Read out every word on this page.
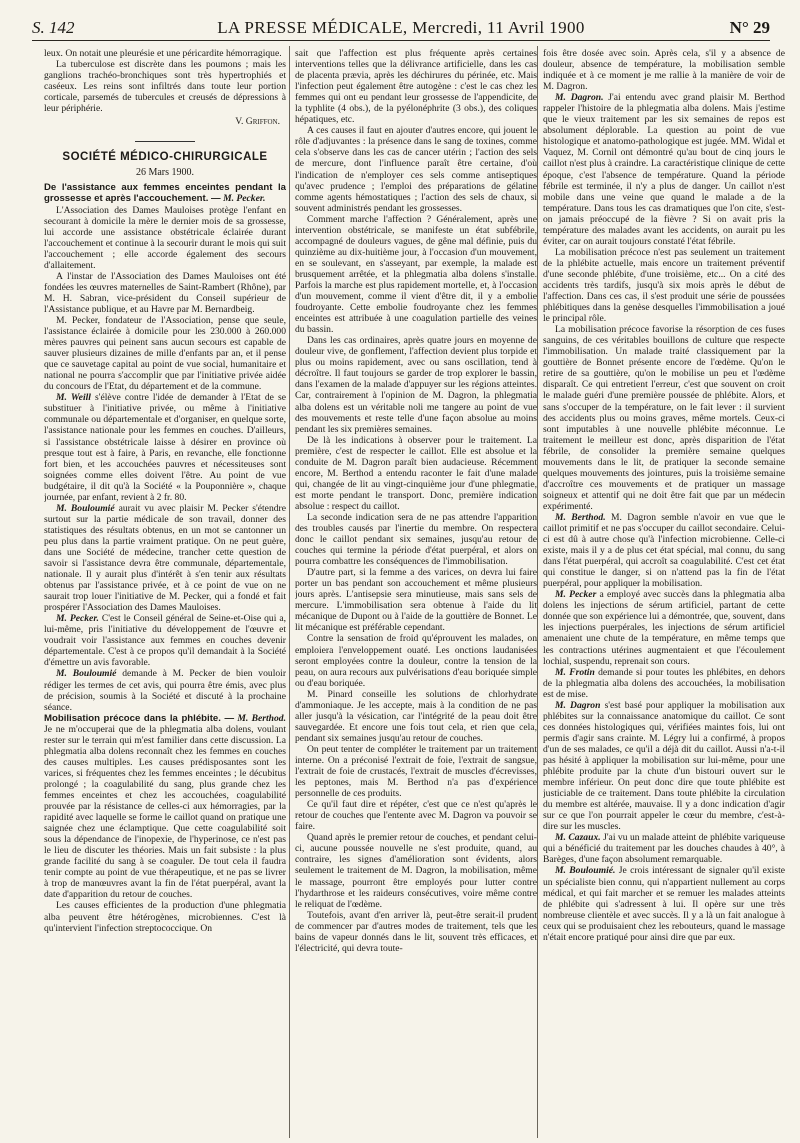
S. 142	LA PRESSE MÉDICALE, Mercredi, 11 Avril 1900	N° 29

leux. On notait une pleurésie et une péricardite hémorragique.

La tuberculose est discrète dans les poumons ; mais les ganglions trachéo-bronchiques sont très hypertrophiés et caséeux. Les reins sont infiltrés dans toute leur portion corticale, parsemés de tubercules et creusés de dépressions à leur périphérie.

V. Griffon.

SOCIÉTÉ MÉDICO-CHIRURGICALE
26 Mars 1900.

De l'assistance aux femmes enceintes pendant la grossesse et après l'accouchement. — M. Pecker.

L'Association des Dames Mauloises protège l'enfant en secourant à domicile la mère le dernier mois de sa grossesse, lui accorde une assistance obstétricale éclairée durant l'accouchement et continue à la secourir durant le mois qui suit l'accouchement ; elle accorde également des secours d'allaitement.

A l'instar de l'Association des Dames Mauloises ont été fondées les œuvres maternelles de Saint-Rambert (Rhône), par M. H. Sabran, vice-président du Conseil supérieur de l'Assistance publique, et au Havre par M. Bernardbeig.

M. Pecker, fondateur de l'Association, pense que seule, l'assistance éclairée à domicile pour les 230.000 à 260.000 mères pauvres qui peinent sans aucun secours est capable de sauver plusieurs dizaines de mille d'enfants par an, et il pense que ce sauvetage capital au point de vue social, humanitaire et national ne pourra s'accomplir que par l'initiative privée aidée du concours de l'Etat, du département et de la commune.

M. Weill s'élève contre l'idée de demander à l'Etat de se substituer à l'initiative privée, ou même à l'initiative communale ou départementale et d'organiser, en quelque sorte, l'assistance nationale pour les femmes en couches. D'ailleurs, si l'assistance obstétricale laisse à désirer en province où presque tout est à faire, à Paris, en revanche, elle fonctionne fort bien, et les accouchées pauvres et nécessiteuses sont soignées comme elles doivent l'être. Au point de vue budgétaire, il dit qu'à la Société « la Pouponnière », chaque journée, par enfant, revient à 2 fr. 80.

M. Bouloumié aurait vu avec plaisir M. Pecker s'étendre surtout sur la partie médicale de son travail, donner des statistiques des résultats obtenus, en un mot se cantonner un peu plus dans la partie vraiment pratique. On ne peut guère, dans une Société de médecine, trancher cette question de savoir si l'assistance devra être communale, départementale, nationale. Il y aurait plus d'intérêt à s'en tenir aux résultats obtenus par l'assistance privée, et à ce point de vue on ne saurait trop louer l'initiative de M. Pecker, qui a fondé et fait prospérer l'Association des Dames Mauloises.

M. Pecker. C'est le Conseil général de Seine-et-Oise qui a, lui-même, pris l'initiative du développement de l'œuvre et voudrait voir l'assistance aux femmes en couches devenir départementale. C'est à ce propos qu'il demandait à la Société d'émettre un avis favorable.

M. Bouloumié demande à M. Pecker de bien vouloir rédiger les termes de cet avis, qui pourra être émis, avec plus de précision, soumis à la Société et discuté à la prochaine séance.

Mobilisation précoce dans la phlébite. — M. Berthod. Je ne m'occuperai que de la phlegmatia alba dolens, voulant rester sur le terrain qui m'est familier dans cette discussion. La phlegmatia alba dolens reconnaît chez les femmes en couches des causes multiples. Les causes prédisposantes sont les varices, si fréquentes chez les femmes enceintes ; le décubitus prolongé ; la coagulabilité du sang, plus grande chez les femmes enceintes et chez les accouchées, coagulabilité prouvée par la résistance de celles-ci aux hémorragies, par la rapidité avec laquelle se forme le caillot quand on pratique une saignée chez une éclamptique. Que cette coagulabilité soit sous la dépendance de l'inopexie, de l'hyperinose, ce n'est pas le lieu de discuter les théories. Mais un fait subsiste : la plus grande facilité du sang à se coaguler. De tout cela il faudra tenir compte au point de vue thérapeutique, et ne pas se livrer à trop de manœuvres avant la fin de l'état puerpéral, avant la date d'apparition du retour de couches.

Les causes efficientes de la production d'une phlegmatia alba peuvent être hétérogènes, microbiennes. C'est là qu'intervient l'infection streptococcique. On

sait que l'affection est plus fréquente après certaines interventions telles que la délivrance artificielle, dans les cas de placenta prævia, après les déchirures du périnée, etc. Mais l'infection peut également être autogène : c'est le cas chez les femmes qui ont eu pendant leur grossesse de l'appendicite, de la typhlite (4 obs.), de la pyélonéphrite (3 obs.), des coliques hépatiques, etc.

A ces causes il faut en ajouter d'autres encore, qui jouent le rôle d'adjuvantes : la présence dans le sang de toxines, comme cela s'observe dans les cas de cancer utérin ; l'action des sels de mercure, dont l'influence paraît être certaine, d'où l'indication de n'employer ces sels comme antiseptiques qu'avec prudence ; l'emploi des préparations de gélatine comme agents hémostatiques ; l'action des sels de chaux, si souvent administrés pendant les grossesses.

Comment marche l'affection ? Généralement, après une intervention obstétricale, se manifeste un état subfébrile, accompagné de douleurs vagues, de gêne mal définie, puis du quinzième au dix-huitième jour, à l'occasion d'un mouvement, en se soulevant, en s'asseyant, par exemple, la malade est brusquement arrêtée, et la phlegmatia alba dolens s'installe. Parfois la marche est plus rapidement mortelle, et, à l'occasion d'un mouvement, comme il vient d'être dit, il y a embolie foudroyante. Cette embolie foudroyante chez les femmes enceintes est attribuée à une coagulation partielle des veines du bassin.

Dans les cas ordinaires, après quatre jours en moyenne de douleur vive, de gonflement, l'affection devient plus torpide et plus ou moins rapidement, avec ou sans oscillation, tend à décroître. Il faut toujours se garder de trop explorer le bassin, dans l'examen de la malade d'appuyer sur les régions atteintes. Car, contrairement à l'opinion de M. Dagron, la phlegmatia alba dolens est un véritable noli me tangere au point de vue des mouvements et reste telle d'une façon absolue au moins pendant les six premières semaines.

De là les indications à observer pour le traitement. La première, c'est de respecter le caillot. Elle est absolue et la conduite de M. Dagron paraît bien audacieuse. Récemment encore, M. Berthod a entendu raconter le fait d'une malade qui, changée de lit au vingt-cinquième jour d'une phlegmatie, est morte pendant le transport. Donc, première indication absolue : respect du caillot.

La seconde indication sera de ne pas attendre l'apparition des troubles causés par l'inertie du membre. On respectera donc le caillot pendant six semaines, jusqu'au retour de couches qui termine la période d'état puerpéral, et alors on pourra combattre les conséquences de l'immobilisation.

D'autre part, si la femme a des varices, on devra lui faire porter un bas pendant son accouchement et même plusieurs jours après. L'antisepsie sera minutieuse, mais sans sels de mercure. L'immobilisation sera obtenue à l'aide du lit mécanique de Dupont ou à l'aide de la gouttière de Bonnet. Le lit mécanique est préférable cependant.

Contre la sensation de froid qu'éprouvent les malades, on emploiera l'enveloppement ouaté. Les onctions laudanisées seront employées contre la douleur, contre la tension de la peau, on aura recours aux pulvérisations d'eau boriquée simple ou d'eau boriquée.

M. Pinard conseille les solutions de chlorhydrate d'ammoniaque. Je les accepte, mais à la condition de ne pas aller jusqu'à la vésication, car l'intégrité de la peau doit être sauvegardée. Et encore une fois tout cela, et rien que cela, pendant six semaines jusqu'au retour de couches.

On peut tenter de compléter le traitement par un traitement interne. On a préconisé l'extrait de foie, l'extrait de sangsue, l'extrait de foie de crustacés, l'extrait de muscles d'écrevisses, les peptones, mais M. Berthod n'a pas d'expérience personnelle de ces produits.

Ce qu'il faut dire et répéter, c'est que ce n'est qu'après le retour de couches que l'entente avec M. Dagron va pouvoir se faire.

Quand après le premier retour de couches, et pendant celui-ci, aucune poussée nouvelle ne s'est produite, quand, au contraire, les signes d'amélioration sont évidents, alors seulement le traitement de M. Dagron, la mobilisation, même le massage, pourront être employés pour lutter contre l'hydarthrose et les raideurs consécutives, voire même contre le reliquat de l'œdème.

Toutefois, avant d'en arriver là, peut-être serait-il prudent de commencer par d'autres modes de traitement, tels que les bains de vapeur donnés dans le lit, souvent très efficaces, et l'électricité, qui devra toute-

fois être dosée avec soin. Après cela, s'il y a absence de douleur, absence de température, la mobilisation semble indiquée et à ce moment je me rallie à la manière de voir de M. Dagron.

M. Dagron. J'ai entendu avec grand plaisir M. Berthod rappeler l'histoire de la phlegmatia alba dolens. Mais j'estime que le vieux traitement par les six semaines de repos est absolument déplorable. La question au point de vue histologique et anatomo-pathologique est jugée. MM. Widal et Vaquez, M. Cornil ont démontré qu'au bout de cinq jours le caillot n'est plus à craindre. La caractéristique clinique de cette époque, c'est l'absence de température. Quand la période fébrile est terminée, il n'y a plus de danger. Un caillot n'est mobile dans une veine que quand le malade a de la température. Dans tous les cas dramatiques que l'on cite, s'est-on jamais préoccupé de la fièvre ? Si on avait pris la température des malades avant les accidents, on aurait pu les éviter, car on aurait toujours constaté l'état fébrile.

La mobilisation précoce n'est pas seulement un traitement de la phlébite actuelle, mais encore un traitement préventif d'une seconde phlébite, d'une troisième, etc... On a cité des accidents très tardifs, jusqu'à six mois après le début de l'affection. Dans ces cas, il s'est produit une série de poussées phlébitiques dans la genèse desquelles l'immobilisation a joué le principal rôle.

La mobilisation précoce favorise la résorption de ces fuses sanguins, de ces véritables bouillons de culture que respecte l'immobilisation. Un malade traité classiquement par la gouttière de Bonnet présente encore de l'œdème. Qu'on le retire de sa gouttière, qu'on le mobilise un peu et l'œdème disparaît. Ce qui entretient l'erreur, c'est que souvent on croit le malade guéri d'une première poussée de phlébite. Alors, et sans s'occuper de la température, on le fait lever : il survient des accidents plus ou moins graves, même mortels. Ceux-ci sont imputables à une nouvelle phlébite méconnue. Le traitement le meilleur est donc, après disparition de l'état fébrile, de consolider la première semaine quelques mouvements dans le lit, de pratiquer la seconde semaine quelques mouvements des jointures, puis la troisième semaine d'accroître ces mouvements et de pratiquer un massage soigneux et attentif qui ne doit être fait que par un médecin expérimenté.

M. Berthod. M. Dagron semble n'avoir en vue que le caillot primitif et ne pas s'occuper du caillot secondaire. Celui-ci est dû à autre chose qu'à l'infection microbienne. Celle-ci existe, mais il y a de plus cet état spécial, mal connu, du sang dans l'état puerpéral, qui accroît sa coagulabilité. C'est cet état qui constitue le danger, si on n'attend pas la fin de l'état puerpéral, pour appliquer la mobilisation.

M. Pecker a employé avec succès dans la phlegmatia alba dolens les injections de sérum artificiel, partant de cette donnée que son expérience lui a démontrée, que, souvent, dans les injections puerpérales, les injections de sérum artificiel amenaient une chute de la température, en même temps que les contractions utérines augmentaient et que l'écoulement lochial, suspendu, reprenait son cours.

M. Frotin demande si pour toutes les phlébites, en dehors de la phlegmatia alba dolens des accouchées, la mobilisation est de mise.

M. Dagron s'est basé pour appliquer la mobilisation aux phlébites sur la connaissance anatomique du caillot. Ce sont ces données histologiques qui, vérifiées maintes fois, lui ont permis d'agir sans crainte. M. Légry lui a confirmé, à propos d'un de ses malades, ce qu'il a déjà dit du caillot. Aussi n'a-t-il pas hésité à appliquer la mobilisation sur lui-même, pour une phlébite produite par la chute d'un bistouri ouvert sur le membre inférieur. On peut donc dire que toute phlébite est justiciable de ce traitement. Dans toute phlébite la circulation du membre est altérée, mauvaise. Il y a donc indication d'agir sur ce que l'on pourrait appeler le cœur du membre, c'est-à-dire sur les muscles.

M. Cazaux. J'ai vu un malade atteint de phlébite variqueuse qui a bénéficié du traitement par les douches chaudes à 40°, à Barèges, d'une façon absolument remarquable.

M. Bouloumié. Je crois intéressant de signaler qu'il existe un spécialiste bien connu, qui n'appartient nullement au corps médical, et qui fait marcher et se remuer les malades atteints de phlébite qui s'adressent à lui. Il opère sur une très nombreuse clientèle et avec succès. Il y a là un fait analogue à ceux qui se produisaient chez les rebouteurs, quand le massage n'était encore pratiqué pour ainsi dire que par eux.
